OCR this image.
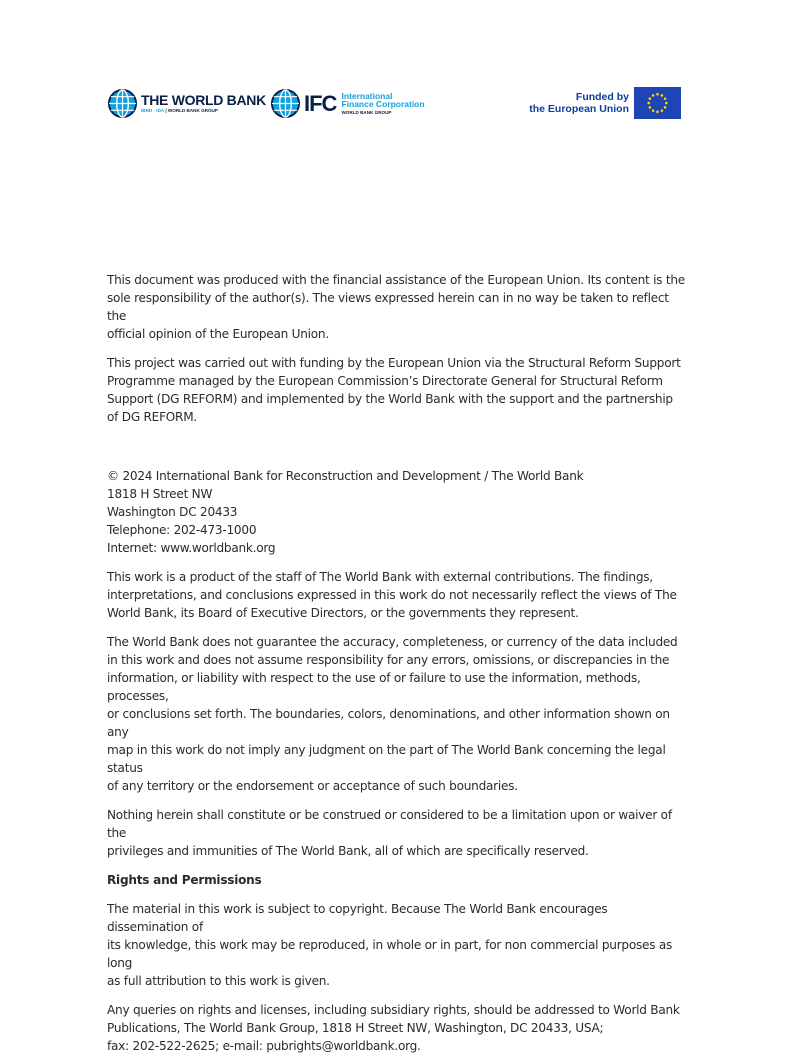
THE WORLD BANK
IBRD · IDA | WORLD BANK GROUP	IFC International
Finance Corporation
WORLD BANK GROUP
Funded by
the European Union

This document was produced with the financial assistance of the European Union. Its content is the
sole responsibility of the author(s). The views expressed herein can in no way be taken to reflect the
official opinion of the European Union.

This project was carried out with funding by the European Union via the Structural Reform Support
Programme managed by the European Commission’s Directorate General for Structural Reform
Support (DG REFORM) and implemented by the World Bank with the support and the partnership
of DG REFORM.

© 2024 International Bank for Reconstruction and Development / The World Bank
1818 H Street NW
Washington DC 20433
Telephone: 202-473-1000
Internet: www.worldbank.org

This work is a product of the staff of The World Bank with external contributions. The findings,
interpretations, and conclusions expressed in this work do not necessarily reflect the views of The
World Bank, its Board of Executive Directors, or the governments they represent.

The World Bank does not guarantee the accuracy, completeness, or currency of the data included
in this work and does not assume responsibility for any errors, omissions, or discrepancies in the
information, or liability with respect to the use of or failure to use the information, methods, processes,
or conclusions set forth. The boundaries, colors, denominations, and other information shown on any
map in this work do not imply any judgment on the part of The World Bank concerning the legal status
of any territory or the endorsement or acceptance of such boundaries.

Nothing herein shall constitute or be construed or considered to be a limitation upon or waiver of the
privileges and immunities of The World Bank, all of which are specifically reserved.

Rights and Permissions

The material in this work is subject to copyright. Because The World Bank encourages dissemination of
its knowledge, this work may be reproduced, in whole or in part, for non commercial purposes as long
as full attribution to this work is given.

Any queries on rights and licenses, including subsidiary rights, should be addressed to World Bank
Publications, The World Bank Group, 1818 H Street NW, Washington, DC 20433, USA;
fax: 202-522-2625; e-mail: pubrights@worldbank.org.
